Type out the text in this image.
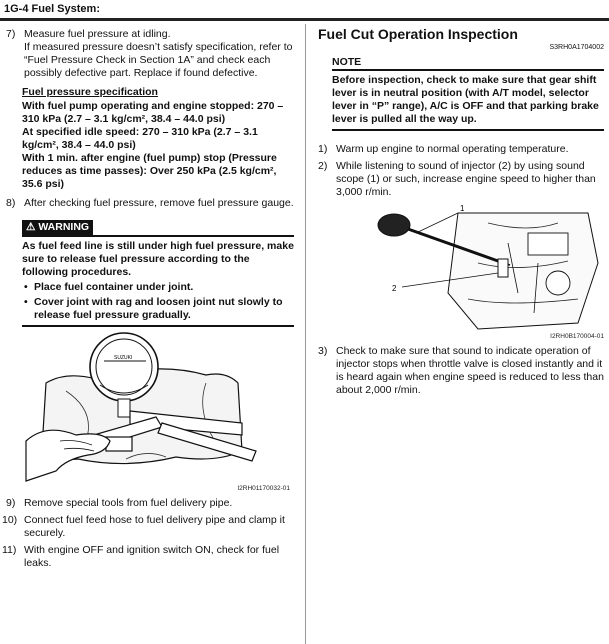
1G-4 Fuel System:
7) Measure fuel pressure at idling.
If measured pressure doesn’t satisfy specification, refer to “Fuel Pressure Check in Section 1A” and check each possibly defective part. Replace if found defective.
Fuel pressure specification
With fuel pump operating and engine stopped: 270 – 310 kPa (2.7 – 3.1 kg/cm², 38.4 – 44.0 psi)
At specified idle speed: 270 – 310 kPa (2.7 – 3.1 kg/cm², 38.4 – 44.0 psi)
With 1 min. after engine (fuel pump) stop (Pressure reduces as time passes): Over 250 kPa (2.5 kg/cm², 35.6 psi)
8) After checking fuel pressure, remove fuel pressure gauge.
⚠ WARNING
As fuel feed line is still under high fuel pressure, make sure to release fuel pressure according to the following procedures.
• Place fuel container under joint.
• Cover joint with rag and loosen joint nut slowly to release fuel pressure gradually.
SUZUKI
I2RH01170032-01
9) Remove special tools from fuel delivery pipe.
10) Connect fuel feed hose to fuel delivery pipe and clamp it securely.
11) With engine OFF and ignition switch ON, check for fuel leaks.
Fuel Cut Operation Inspection
S3RH0A1704002
NOTE
Before inspection, check to make sure that gear shift lever is in neutral position (with A/T model, selector lever in “P” range), A/C is OFF and that parking brake lever is pulled all the way up.
1) Warm up engine to normal operating temperature.
2) While listening to sound of injector (2) by using sound scope (1) or such, increase engine speed to higher than 3,000 r/min.
1
2
I2RH0B170004-01
3) Check to make sure that sound to indicate operation of injector stops when throttle valve is closed instantly and it is heard again when engine speed is reduced to less than about 2,000 r/min.
